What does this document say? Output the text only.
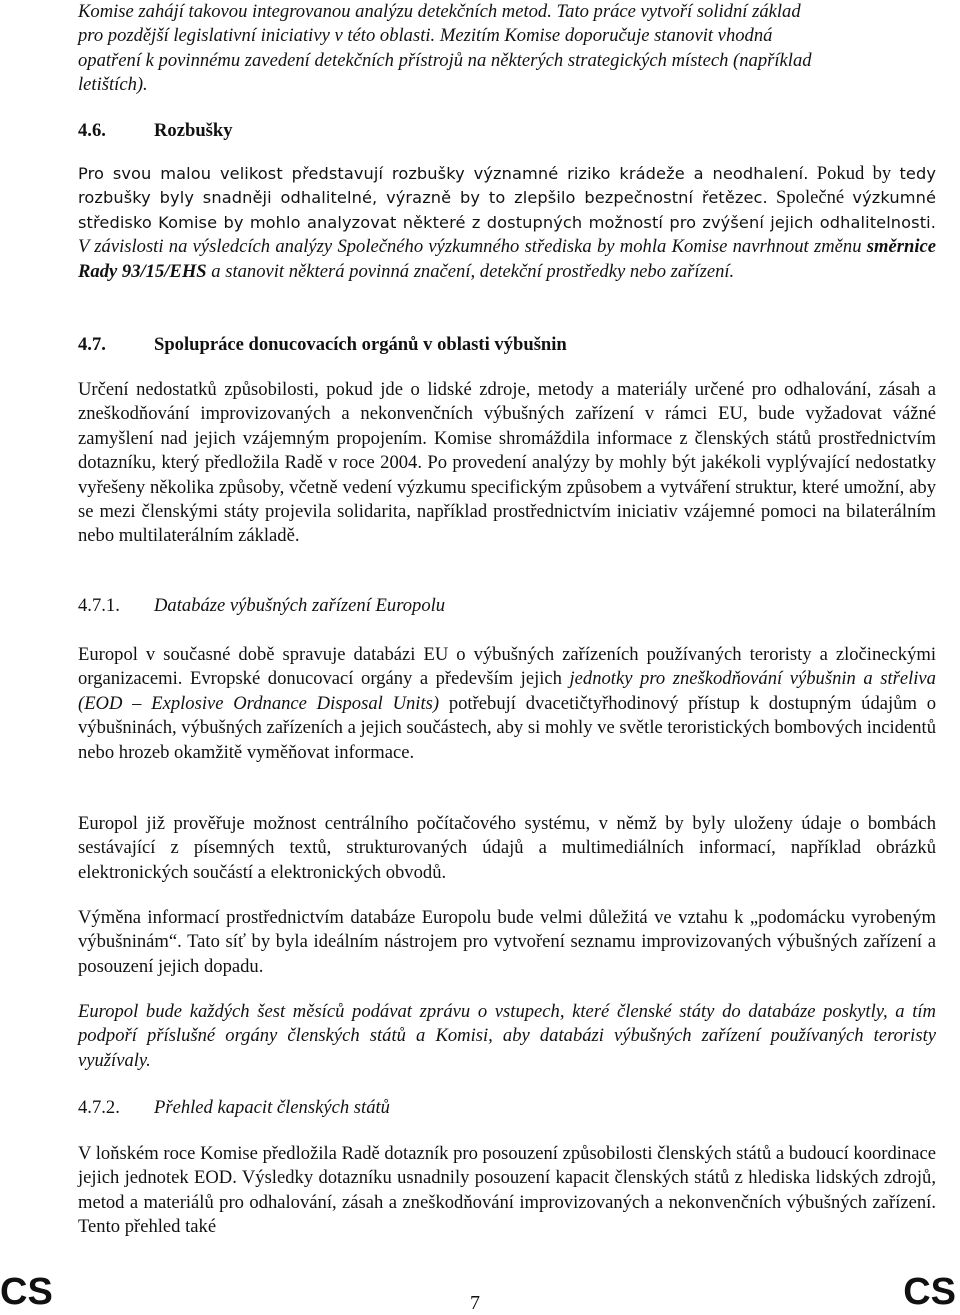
Komise zahájí takovou integrovanou analýzu detekčních metod. Tato práce vytvoří solidní základ

pro pozdější legislativní iniciativy v této oblasti. Mezitím Komise doporučuje stanovit vhodná

opatření k povinnému zavedení detekčních přístrojů na některých strategických místech (například

letištích).

4.6.	Rozbušky

Pro svou malou velikost představují rozbušky významné riziko krádeže a neodhalení. Pokud by tedy rozbušky byly snadněji odhalitelné, výrazně by to zlepšilo bezpečnostní řetězec. Společné výzkumné středisko Komise by mohlo analyzovat některé z dostupných možností pro zvýšení jejich odhalitelnosti. V závislosti na výsledcích analýzy Společného výzkumného střediska by mohla Komise navrhnout změnu směrnice Rady 93/15/EHS a stanovit některá povinná značení, detekční prostředky nebo zařízení.

4.7.	Spolupráce donucovacích orgánů v oblasti výbušnin

Určení nedostatků způsobilosti, pokud jde o lidské zdroje, metody a materiály určené pro odhalování, zásah a zneškodňování improvizovaných a nekonvenčních výbušných zařízení v rámci EU, bude vyžadovat vážné zamyšlení nad jejich vzájemným propojením. Komise shromáždila informace z členských států prostřednictvím dotazníku, který předložila Radě v roce 2004. Po provedení analýzy by mohly být jakékoli vyplývající nedostatky vyřešeny několika způsoby, včetně vedení výzkumu specifickým způsobem a vytváření struktur, které umožní, aby se mezi členskými státy projevila solidarita, například prostřednictvím iniciativ vzájemné pomoci na bilaterálním nebo multilaterálním základě.

4.7.1.	Databáze výbušných zařízení Europolu

Europol v současné době spravuje databázi EU o výbušných zařízeních používaných teroristy a zločineckými organizacemi. Evropské donucovací orgány a především jejich jednotky pro zneškodňování výbušnin a střeliva (EOD – Explosive Ordnance Disposal Units) potřebují dvacetičtyřhodinový přístup k dostupným údajům o výbušninách, výbušných zařízeních a jejich součástech, aby si mohly ve světle teroristických bombových incidentů nebo hrozeb okamžitě vyměňovat informace.

Europol již prověřuje možnost centrálního počítačového systému, v němž by byly uloženy údaje o bombách sestávající z písemných textů, strukturovaných údajů a multimediálních informací, například obrázků elektronických součástí a elektronických obvodů.

Výměna informací prostřednictvím databáze Europolu bude velmi důležitá ve vztahu k „podomácku vyrobeným výbušninám“. Tato síť by byla ideálním nástrojem pro vytvoření seznamu improvizovaných výbušných zařízení a posouzení jejich dopadu.

Europol bude každých šest měsíců podávat zprávu o vstupech, které členské státy do databáze poskytly, a tím podpoří příslušné orgány členských států a Komisi, aby databázi výbušných zařízení používaných teroristy využívaly.

4.7.2.	Přehled kapacit členských států

V loňském roce Komise předložila Radě dotazník pro posouzení způsobilosti členských států a budoucí koordinace jejich jednotek EOD. Výsledky dotazníku usnadnily posouzení kapacit členských států z hlediska lidských zdrojů, metod a materiálů pro odhalování, zásah a zneškodňování improvizovaných a nekonvenčních výbušných zařízení. Tento přehled také

CS	7	CS
